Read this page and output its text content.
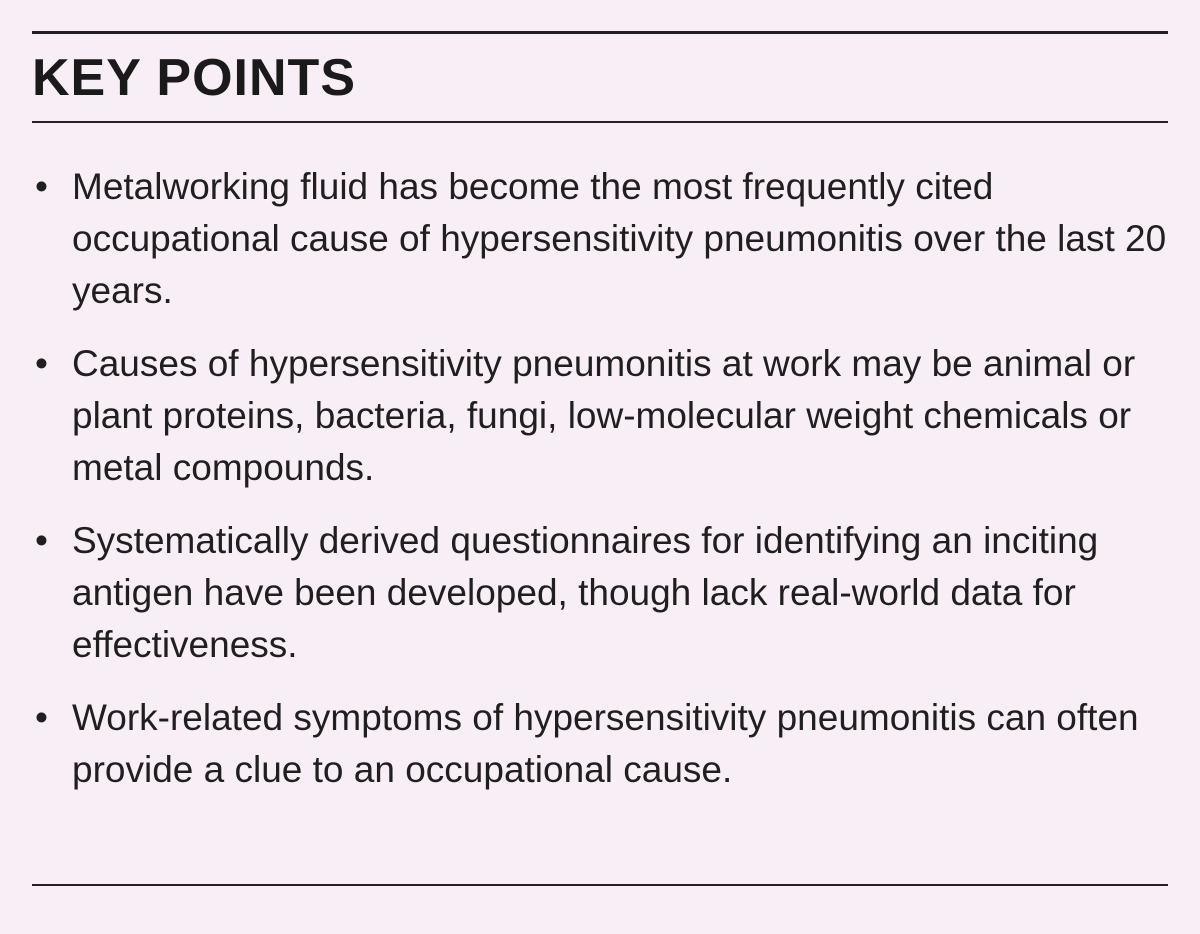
KEY POINTS
• Metalworking fluid has become the most frequently cited occupational cause of hypersensitivity pneumonitis over the last 20 years.
• Causes of hypersensitivity pneumonitis at work may be animal or plant proteins, bacteria, fungi, low-molecular weight chemicals or metal compounds.
• Systematically derived questionnaires for identifying an inciting antigen have been developed, though lack real-world data for effectiveness.
• Work-related symptoms of hypersensitivity pneumonitis can often provide a clue to an occupational cause.
